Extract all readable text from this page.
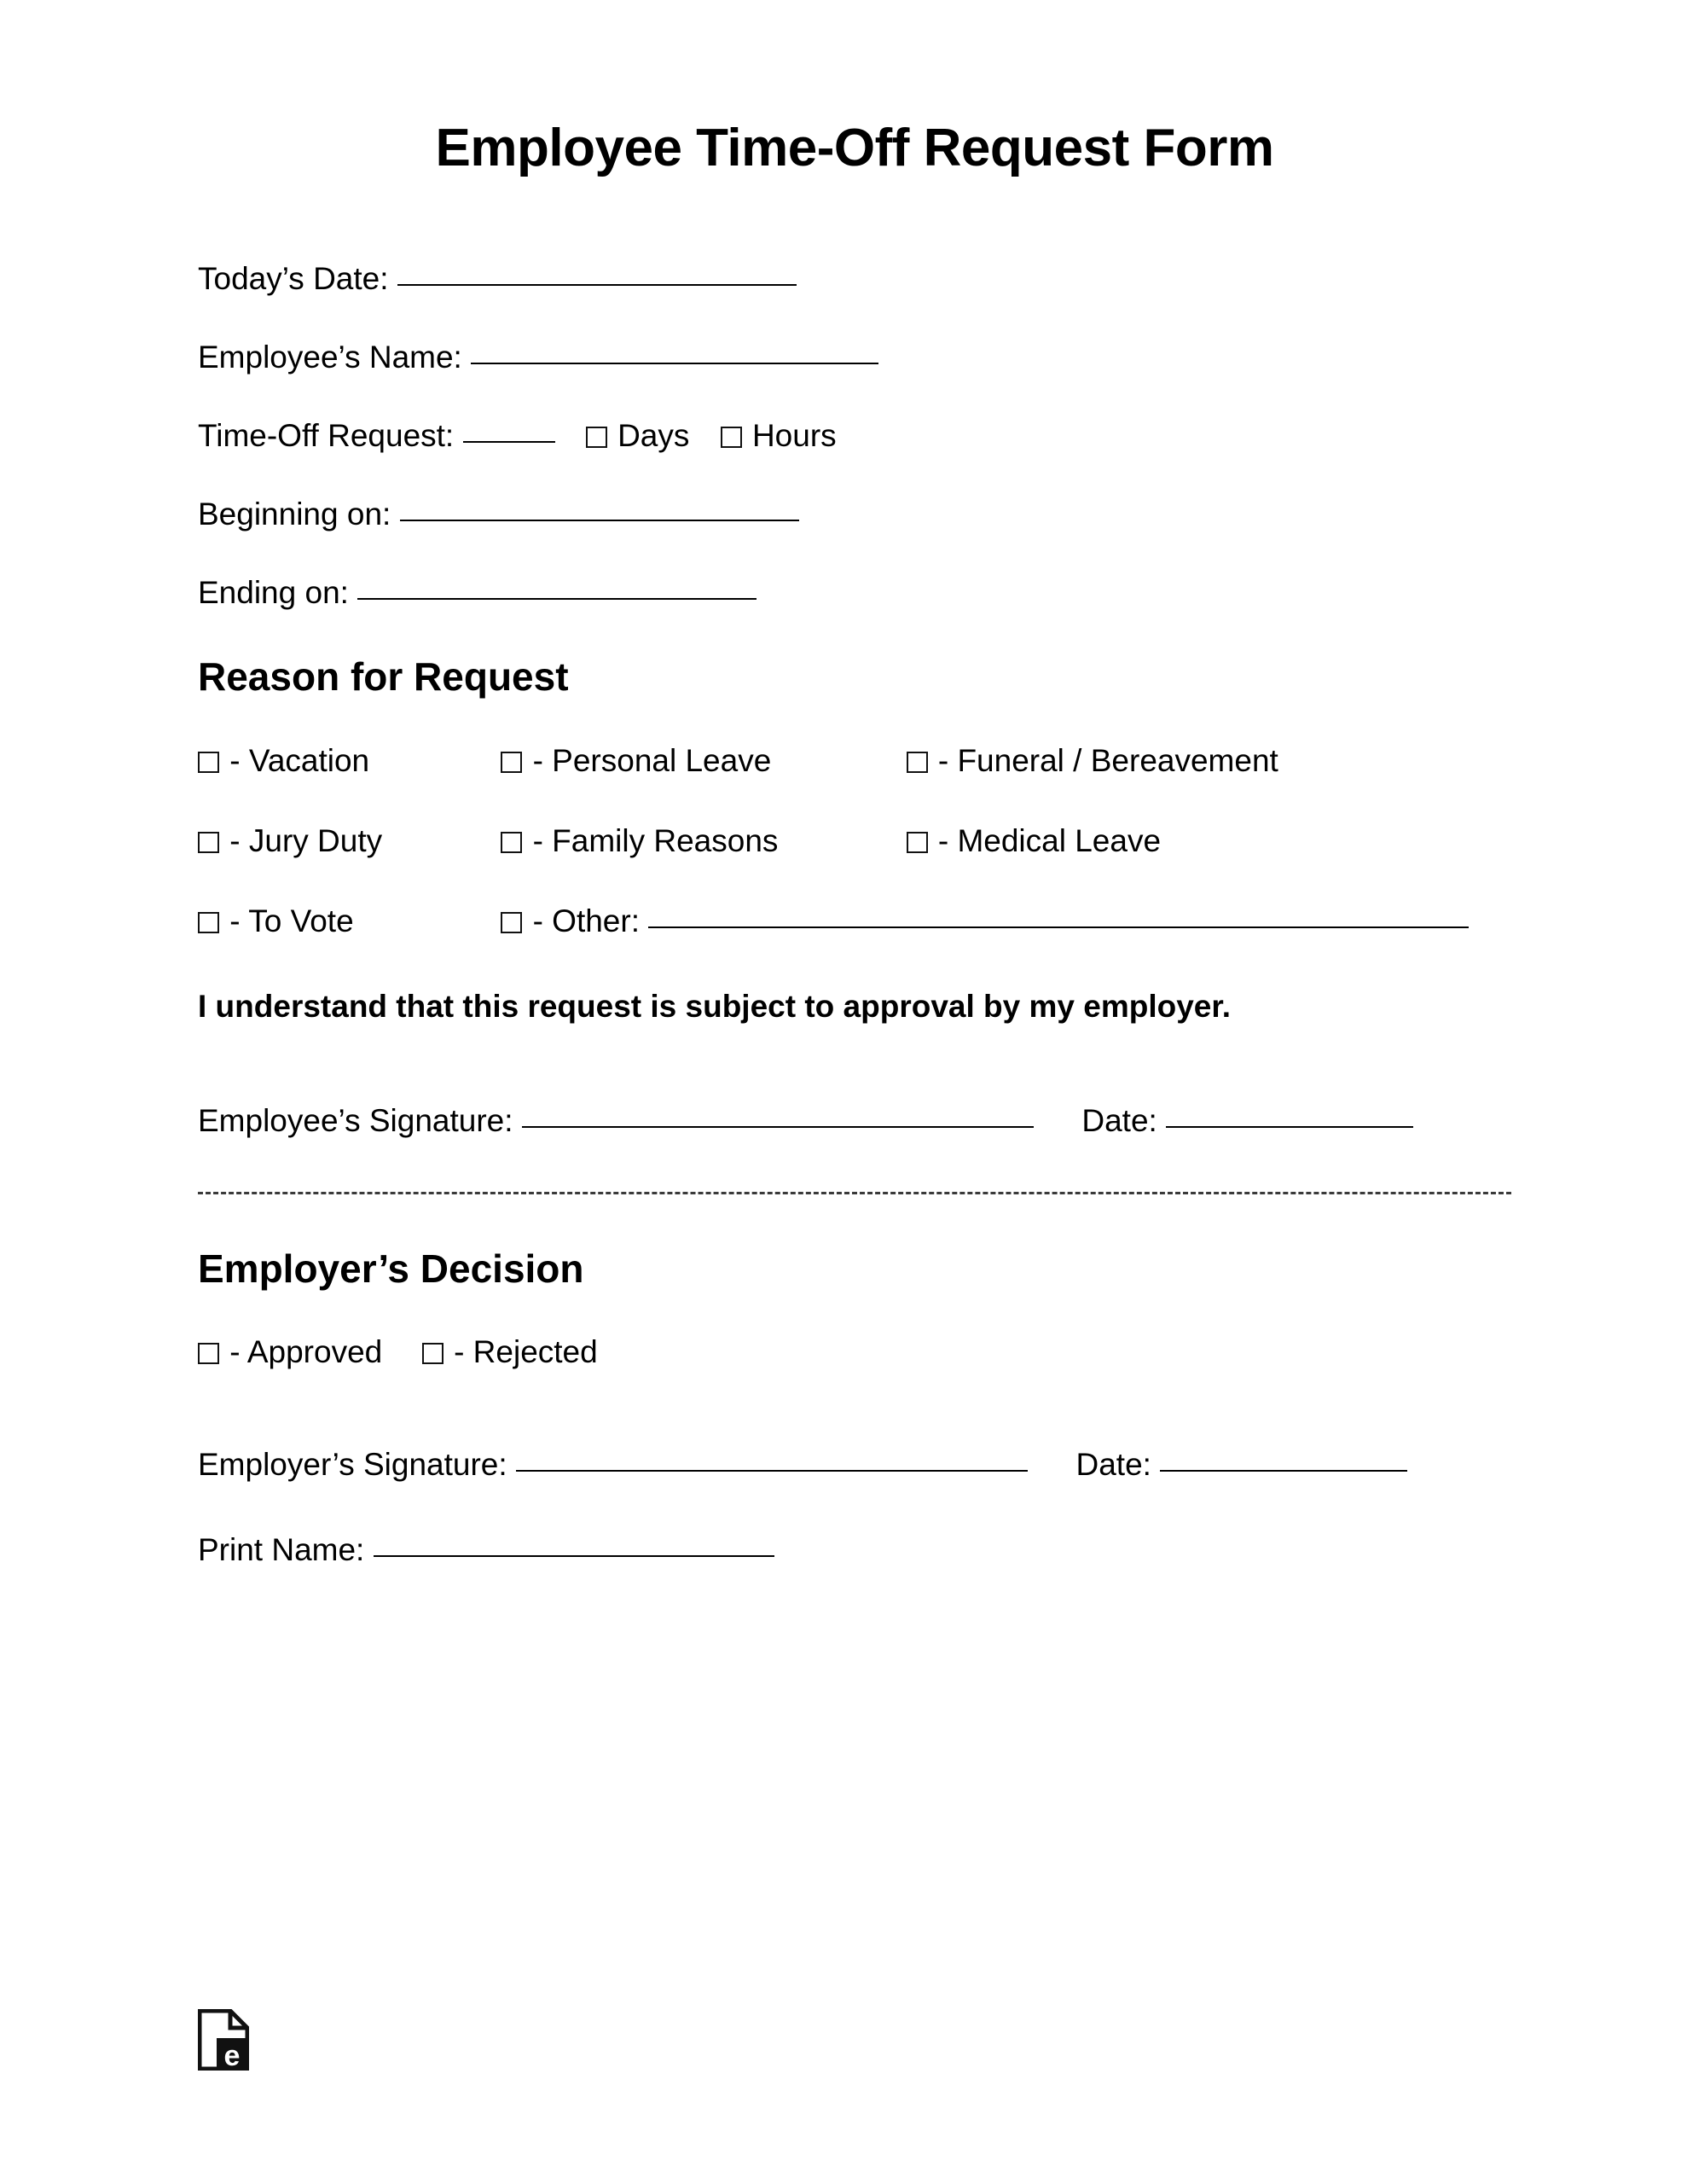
Employee Time-Off Request Form
Today’s Date:
Employee’s Name:
Time-Off Request:	Days Hours
Beginning on:
Ending on:
Reason for Request
- Vacation	- Personal Leave	- Funeral / Bereavement
- Jury Duty	- Family Reasons	- Medical Leave
- To Vote	- Other:
I understand that this request is subject to approval by my employer.
Employee’s Signature:	Date:
Employer’s Decision
- Approved - Rejected
Employer’s Signature:	Date:
Print Name:
e
